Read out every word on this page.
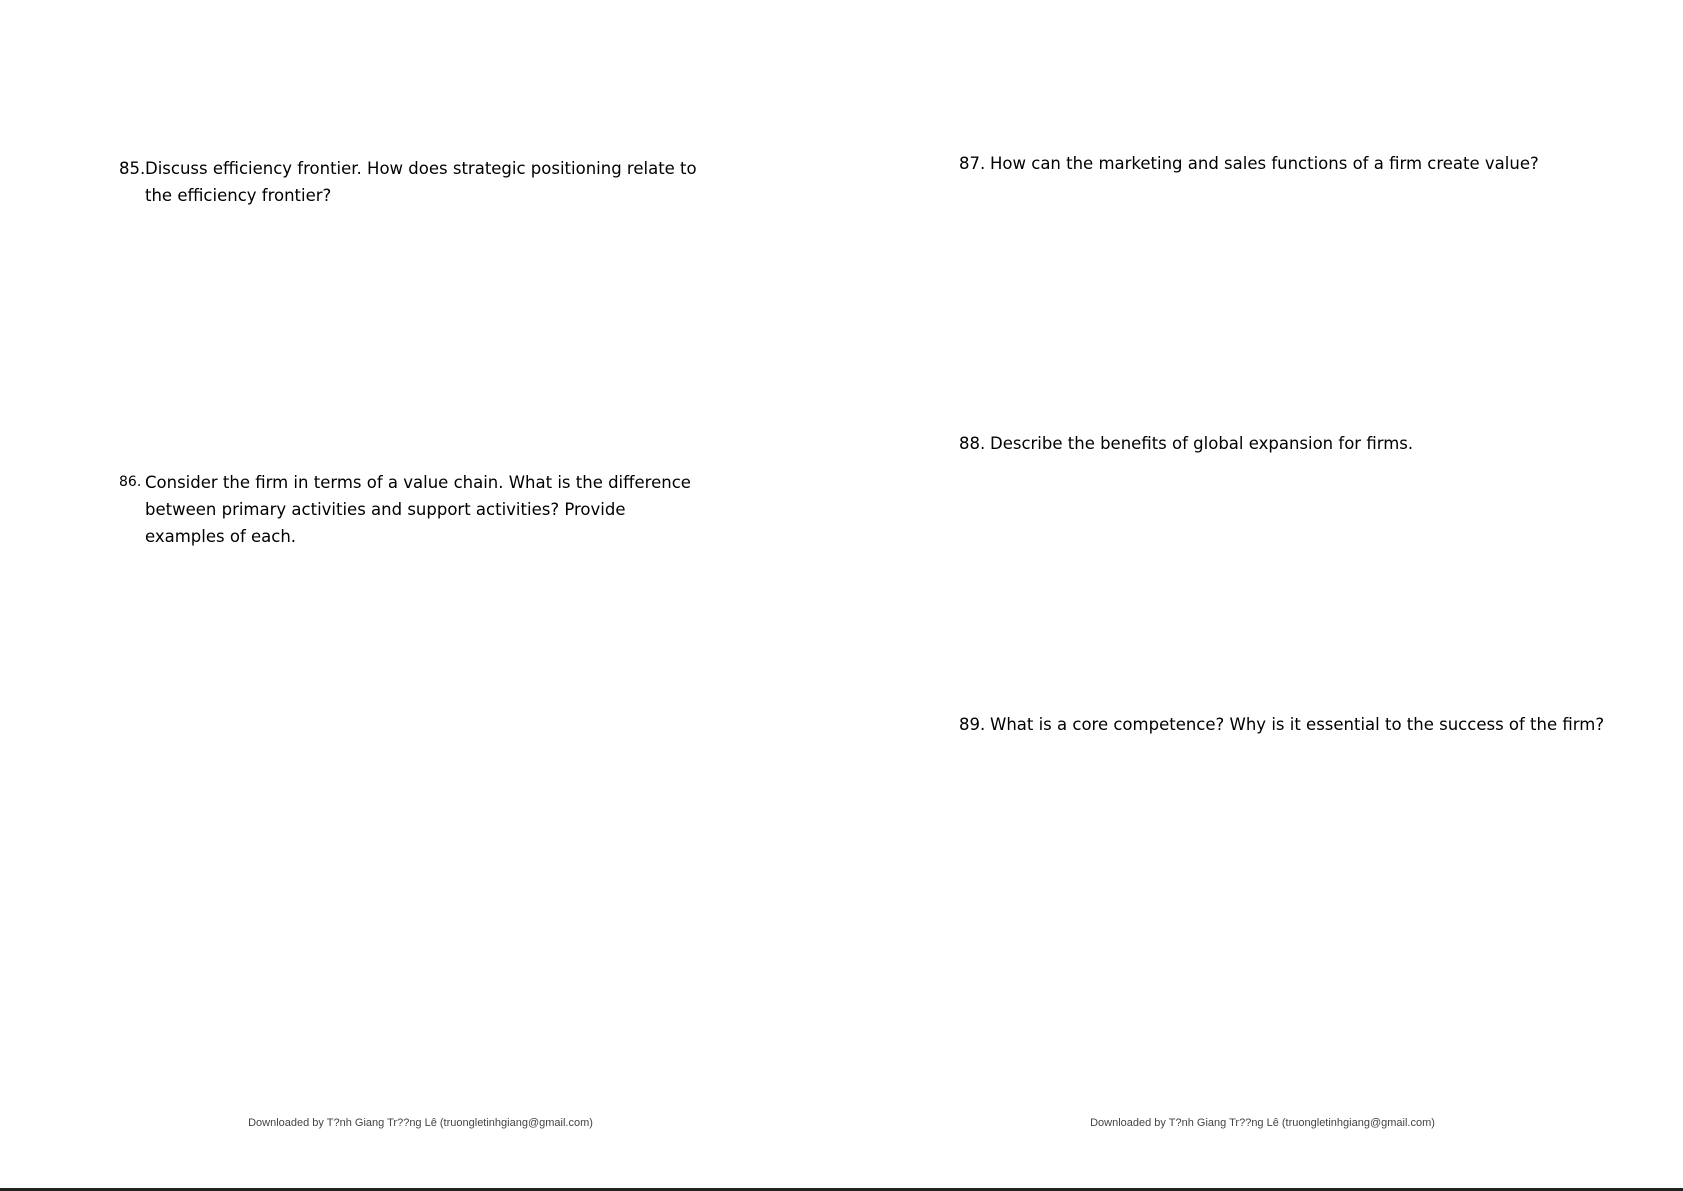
85. Discuss efficiency frontier. How does strategic positioning relate to the efficiency frontier?
86. Consider the firm in terms of a value chain. What is the difference between primary activities and support activities? Provide examples of each.
Downloaded by T?nh Giang Tr??ng Lê (truongletinhgiang@gmail.com)
87. How can the marketing and sales functions of a firm create value?
88. Describe the benefits of global expansion for firms.
89. What is a core competence? Why is it essential to the success of the firm?
Downloaded by T?nh Giang Tr??ng Lê (truongletinhgiang@gmail.com)
